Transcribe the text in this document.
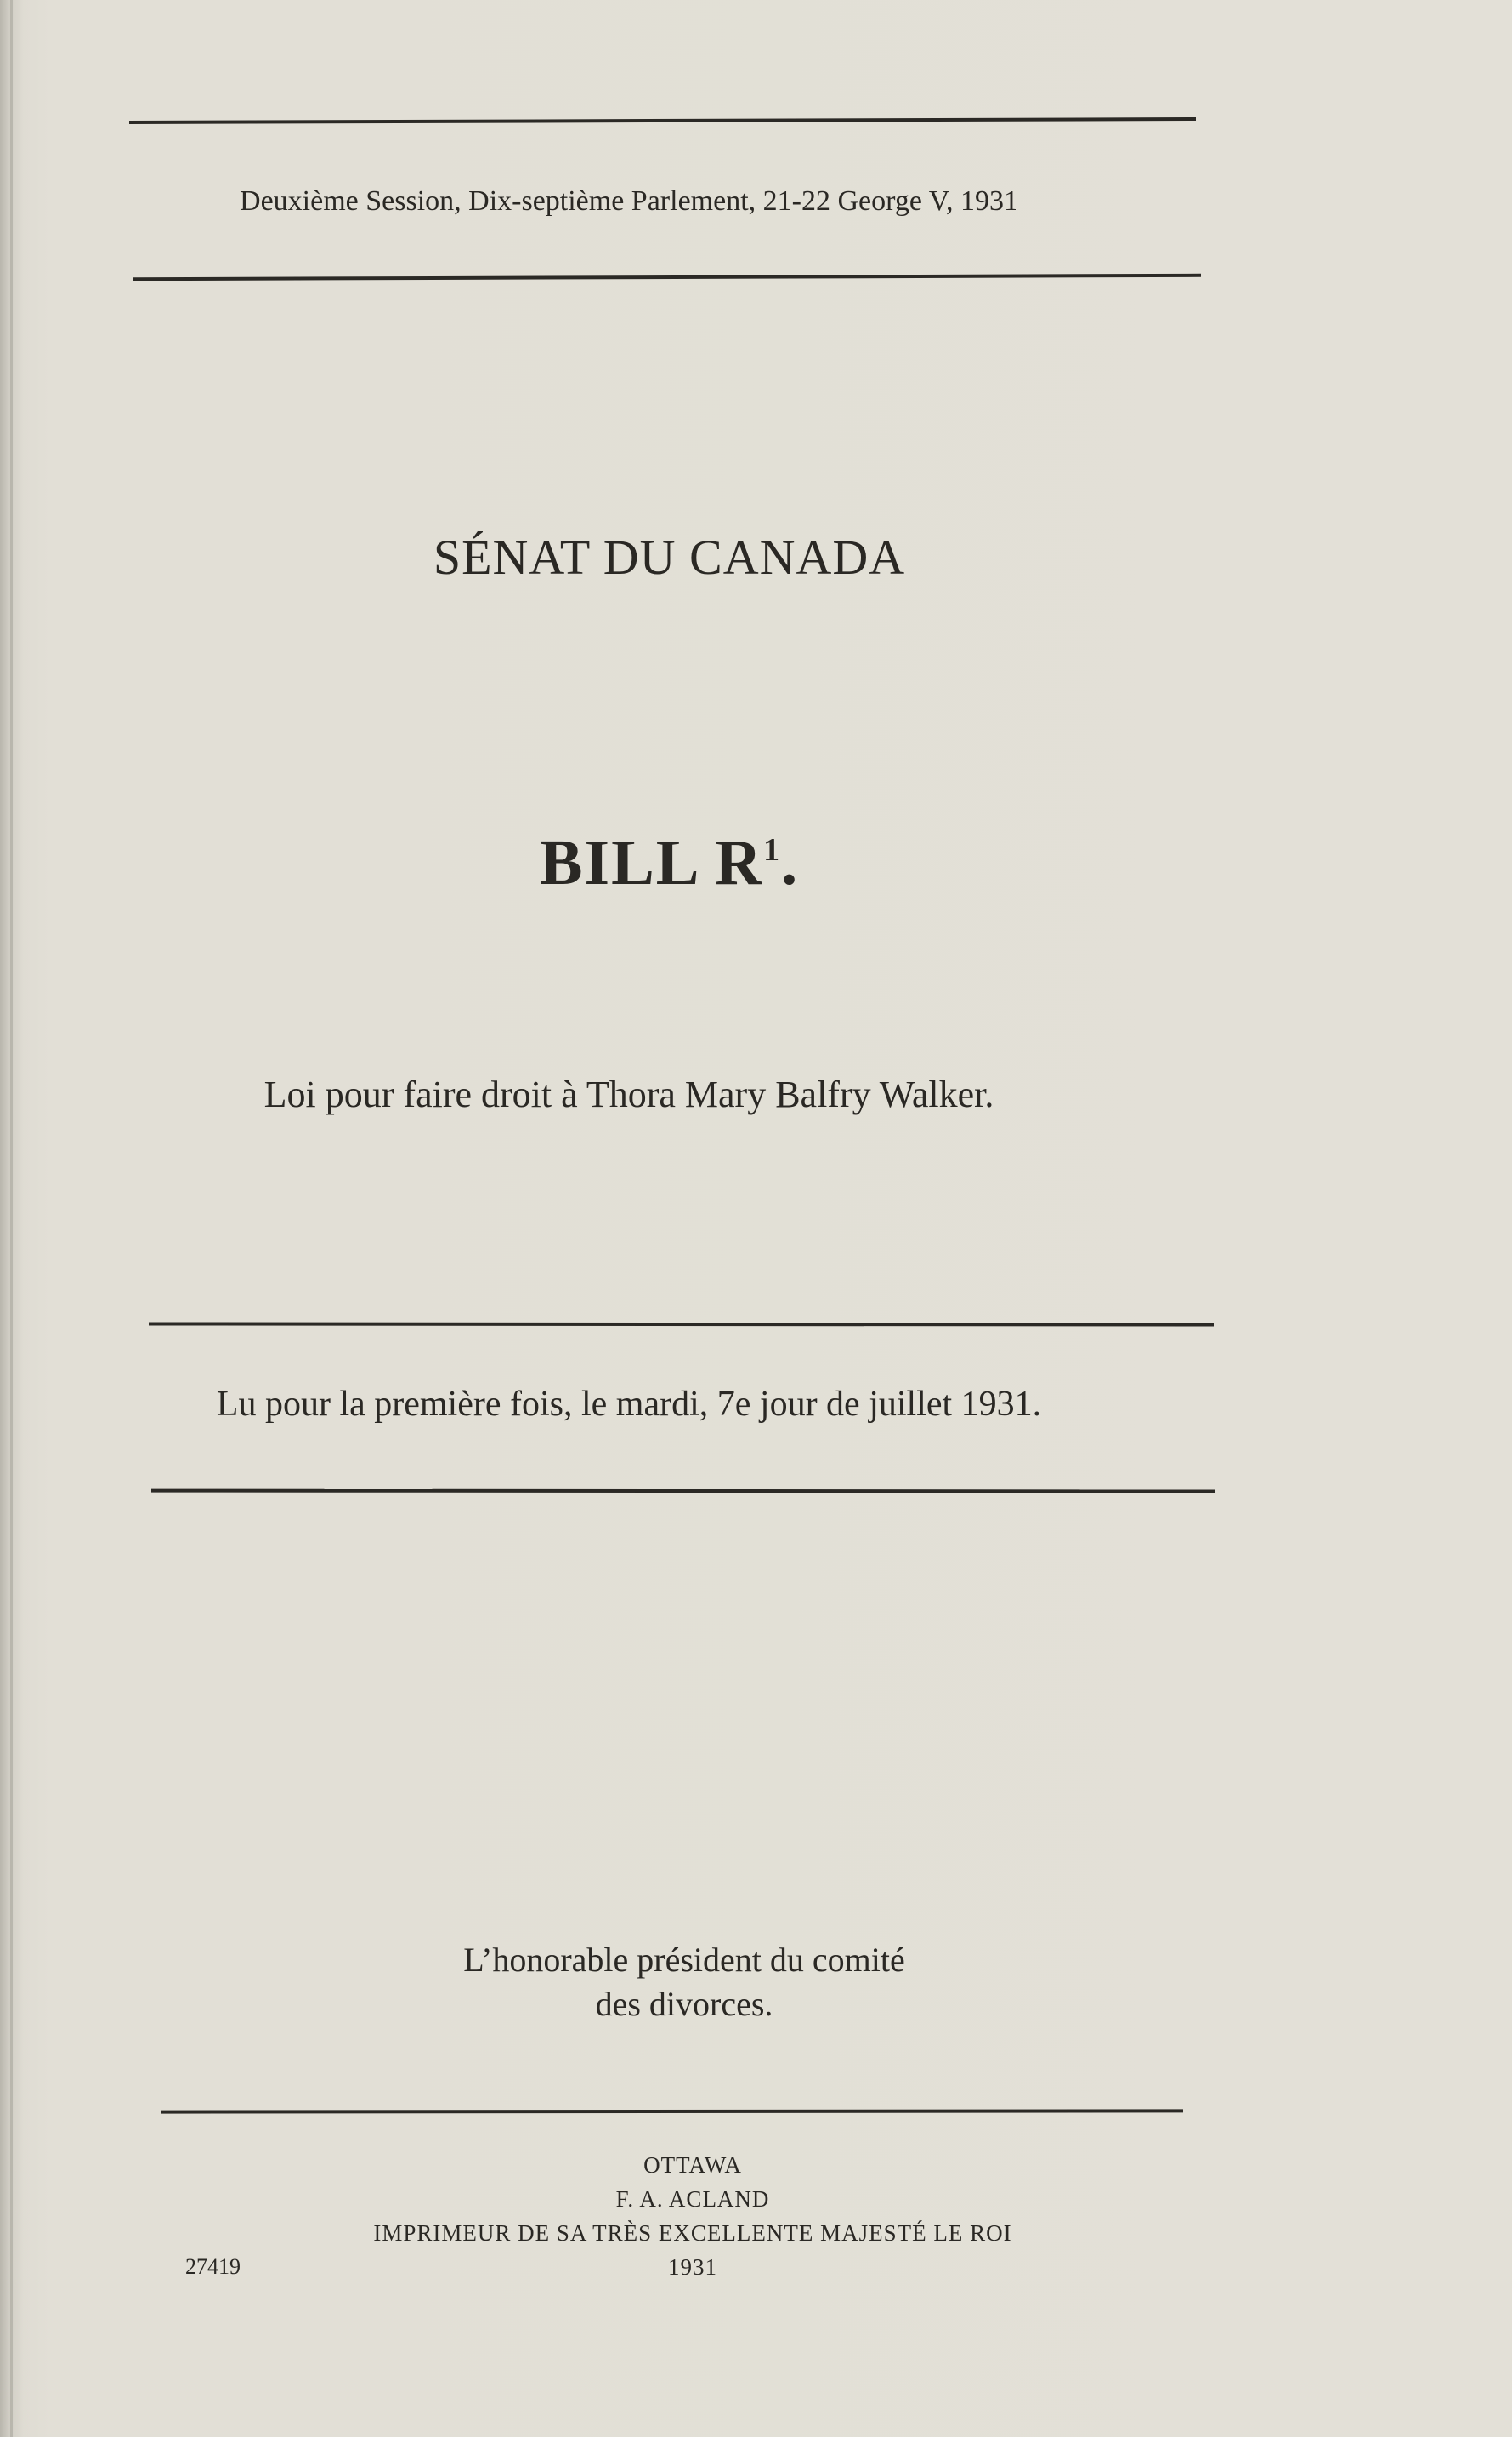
Deuxième Session, Dix-septième Parlement, 21-22 George V, 1931
SÉNAT DU CANADA
BILL $R^1$.
Loi pour faire droit à Thora Mary Balfry Walker.
Lu pour la première fois, le mardi, 7e jour de juillet 1931.
L’honorable président du comité
des divorces.
OTTAWA
F. A. ACLAND
IMPRIMEUR DE SA TRÈS EXCELLENTE MAJESTÉ LE ROI
1931
27419
